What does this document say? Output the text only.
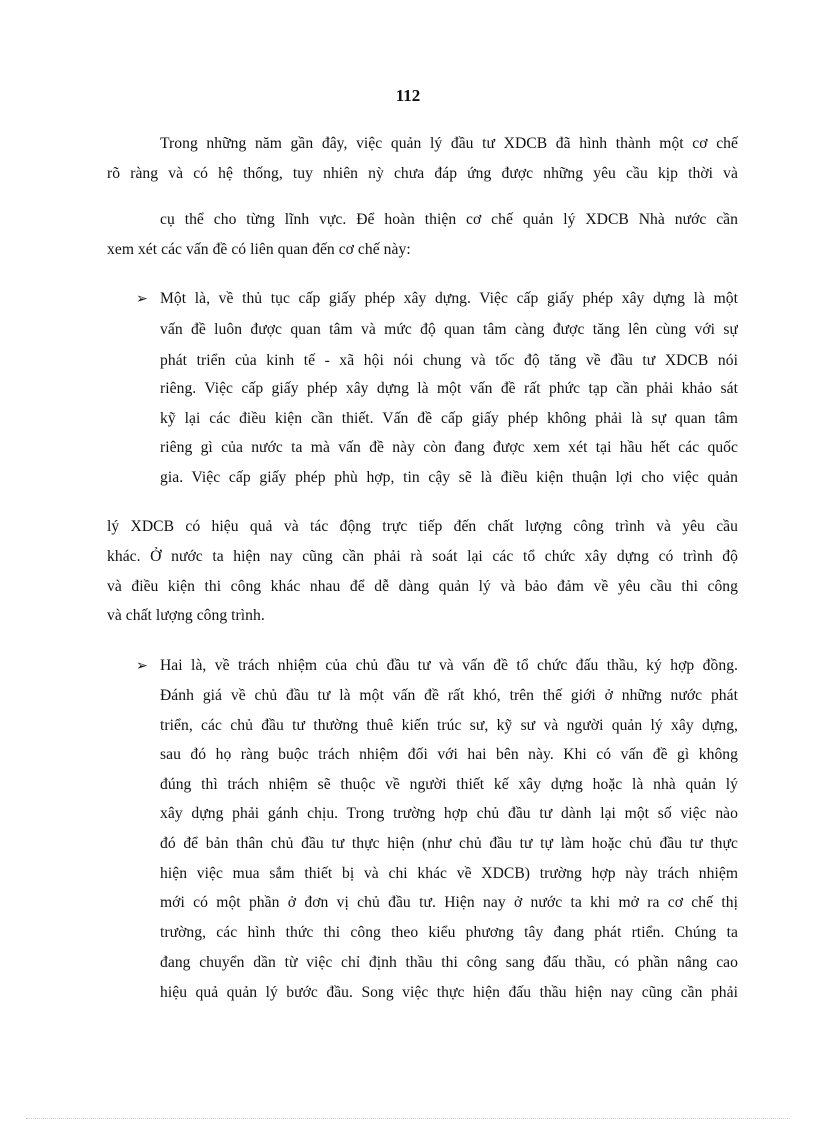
112
Trong những năm gần đây, việc quản lý đầu tư XDCB đã hình thành một cơ chế
rõ ràng và có hệ thống, tuy nhiên nỳ chưa đáp ứng được những yêu cầu kịp thời và
cụ thể cho từng lĩnh vực. Để hoàn thiện cơ chế quản lý XDCB Nhà nước cần
xem xét các vấn đề có liên quan đến cơ chế này:
➢ Một là, về thủ tục cấp giấy phép xây dựng. Việc cấp giấy phép xây dựng là một
vấn đề luôn được quan tâm và mức độ quan tâm càng được tăng lên cùng với sự
phát triển của kinh tế - xã hội nói chung và tốc độ tăng về đầu tư XDCB nói
riêng. Việc cấp giấy phép xây dựng là một vấn đề rất phức tạp cần phải khảo sát
kỹ lại các điều kiện cần thiết. Vấn đề cấp giấy phép không phải là sự quan tâm
riêng gì của nước ta mà vấn đề này còn đang được xem xét tại hầu hết các quốc
gia. Việc cấp giấy phép phù hợp, tin cậy sẽ là điều kiện thuận lợi cho việc quản
lý XDCB có hiệu quả và tác động trực tiếp đến chất lượng công trình và yêu cầu
khác. Ở nước ta hiện nay cũng cần phải rà soát lại các tổ chức xây dựng có trình độ
và điều kiện thi công khác nhau để dễ dàng quản lý và bảo đảm về yêu cầu thi công
và chất lượng công trình.
➢ Hai là, về trách nhiệm của chủ đầu tư và vấn đề tổ chức đấu thầu, ký hợp đồng.
Đánh giá về chủ đầu tư là một vấn đề rất khó, trên thế giới ở những nước phát
triển, các chủ đầu tư thường thuê kiến trúc sư, kỹ sư và người quản lý xây dựng,
sau đó họ ràng buộc trách nhiệm đối với hai bên này. Khi có vấn đề gì không
đúng thì trách nhiệm sẽ thuộc về người thiết kế xây dựng hoặc là nhà quản lý
xây dựng phải gánh chịu. Trong trường hợp chủ đầu tư dành lại một số việc nào
đó để bản thân chủ đầu tư thực hiện (như chủ đầu tư tự làm hoặc chủ đầu tư thực
hiện việc mua sắm thiết bị và chi khác về XDCB) trường hợp này trách nhiệm
mới có một phần ở đơn vị chủ đầu tư. Hiện nay ở nước ta khi mở ra cơ chế thị
trường, các hình thức thi công theo kiểu phương tây đang phát rtiển. Chúng ta
đang chuyển dần từ việc chỉ định thầu thi công sang đấu thầu, có phần nâng cao
hiệu quả quản lý bước đầu. Song việc thực hiện đấu thầu hiện nay cũng cần phải
